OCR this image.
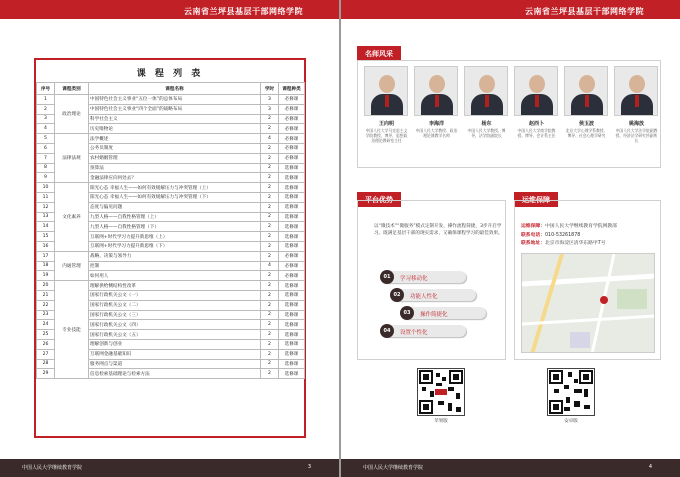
云南省兰坪县基层干部网络学院
课 程 列 表
序号	课程类别	课程名称	学时	课程种类
1	政治理论	中国特色社会主义事业“五位一体”的总体布局	3	必修课
2		中国特色社会主义事业“四个全面”的战略布局	3	必修课
3		科学社会主义	2	必修课
4		历史唯物论	2	必修课
5	法律法规	法学概述	4	必修课
6		公务员制度	2	必修课
7		农村婚姻管理	2	必修课
8		预算法	2	选修课
9		金融法律应向何处去？	2	选修课
10	文化素养	阳光心态 幸福人生——如何有效缓解压力与冲突管理（上）	2	选修课
11		阳光心态 幸福人生——如何有效缓解压力与冲突管理（下）	2	选修课
12		态度与偏见问题	2	选修课
13		九型人格——自我性格管理（上）	2	选修课
14		九型人格——自我性格管理（下）	2	选修课
15		互联网+时代学习力提升新思维（上）	2	选修课
16		互联网+时代学习力提升新思维（下）	2	选修课
17	内通管理	战略、决策与领导力	2	必修课
18		控制	4	必修课
19		如何用人	2	必修课
20	专业技能	理解供给侧结构性改革	2	选修课
21		国家行政机关公文（一）	2	选修课
22		国家行政机关公文（二）	2	选修课
23		国家行政机关公文（三）	2	选修课
24		国家行政机关公文（四）	2	选修课
25		国家行政机关公文（五）	2	选修课
26		理解创新与创业	2	选修课
27		互联网金融基础知识	2	选修课
28		服务网点与渠道	2	选修课
29		信息检索基础理论与检索方法	2	选修课
中国人民大学继续教育学院	3
云南省兰坪县基层干部网络学院
名师风采
王向明
中国人民大学马克思主义学院教授、博导、思想政治理论教研室主任
李海洋
中国人民大学教授、政治理论课教学名师
杨东
中国人民大学教授、博导，法学院副院长
赵西卜
中国人民大学商学院教授、博导、会计系主任
侯玉波
北京大学心理学系教授、博导、社会心理学研究
姚海放
中国人民大学法学院副教授、经济法学研究所副所长
平台优势
以“微技术”“微服务”模式定制开发，操作流程简捷，3步开启学习。既满足基层干部的现实需求，又确保课程学习的最佳效果。
01	学习移动化
02	功能人性化
03	操作简捷化
04	设置个性化
运维保障
运维保障：中国人民大学继续教育学院网教部
联系电话：010-53261878
联系地址：北京市海淀区清华东路甲7号
苹果版	安卓版
中国人民大学继续教育学院	4
